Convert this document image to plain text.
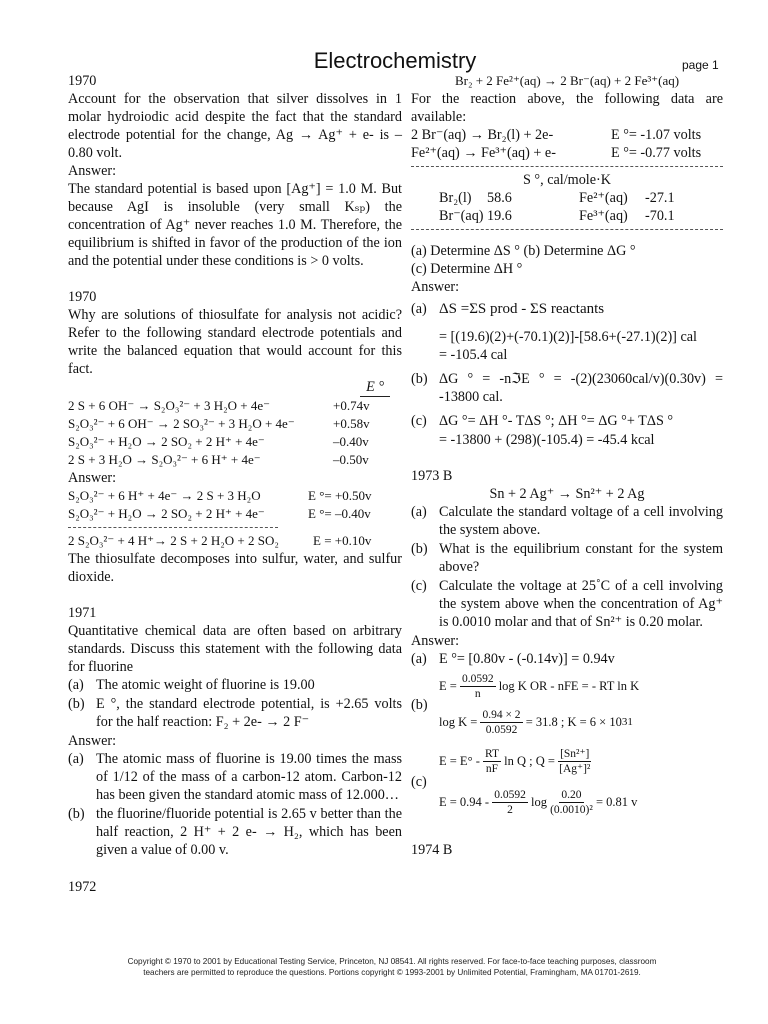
Electrochemistry	page 1
1970
Account for the observation that silver dissolves in 1 molar hydroiodic acid despite the fact that the standard electrode potential for the change, Ag → Ag⁺ + e- is – 0.80 volt.
Answer:
The standard potential is based upon [Ag⁺] = 1.0 M. But because AgI is insoluble (very small Kₛₚ) the concentration of Ag⁺ never reaches 1.0 M. Therefore, the equilibrium is shifted in favor of the production of the ion and the potential under these conditions is > 0 volts.
1970
Why are solutions of thiosulfate for analysis not acidic? Refer to the following standard electrode potentials and write the balanced equation that would account for this fact.
E °
2 S + 6 OH⁻ → S₂O₃²⁻ + 3 H₂O + 4e⁻	+0.74v
S₂O₃²⁻ + 6 OH⁻ → 2 SO₃²⁻ + 3 H₂O + 4e⁻	+0.58v
S₂O₃²⁻ + H₂O → 2 SO₂ + 2 H⁺ + 4e⁻	–0.40v
2 S + 3 H₂O → S₂O₃²⁻ + 6 H⁺ + 4e⁻	–0.50v
Answer:
S₂O₃²⁻ + 6 H⁺ + 4e⁻ → 2 S + 3 H₂O	E °= +0.50v
S₂O₃²⁻ + H₂O → 2 SO₂ + 2 H⁺ + 4e⁻	E °= –0.40v
2 S₂O₃²⁻ + 4 H⁺→ 2 S + 2 H₂O + 2 SO₂	E = +0.10v
The thiosulfate decomposes into sulfur, water, and sulfur dioxide.
1971
Quantitative chemical data are often based on arbitrary standards. Discuss this statement with the following data for fluorine
(a) The atomic weight of fluorine is 19.00
(b) E °, the standard electrode potential, is +2.65 volts for the half reaction: F₂ + 2e- → 2 F⁻
Answer:
(a) The atomic mass of fluorine is 19.00 times the mass of 1/12 of the mass of a carbon-12 atom. Carbon-12 has been given the standard atomic mass of 12.000…
(b) the fluorine/fluoride potential is 2.65 v better than the half reaction, 2 H⁺ + 2 e- → H₂, which has been given a value of 0.00 v.
1972
Br₂ + 2 Fe²⁺(aq) → 2 Br⁻(aq) + 2 Fe³⁺(aq)
For the reaction above, the following data are available:
2 Br⁻(aq) → Br₂(l) + 2e-	E °= -1.07 volts
Fe²⁺(aq) → Fe³⁺(aq) + e-	E °= -0.77 volts
S °, cal/mole·K
Br₂(l)	58.6	Fe²⁺(aq)	-27.1
Br⁻(aq) 19.6	Fe³⁺(aq)	-70.1
(a) Determine ΔS ° (b) Determine ΔG °
(c) Determine ΔH °
Answer:
(a) ΔS =ΣS prod - ΣS reactants
= [(19.6)(2)+(-70.1)(2)]-[58.6+(-27.1)(2)] cal
= -105.4 cal
(b) ΔG ° = -nℑE ° = -(2)(23060cal/v)(0.30v) = -13800 cal.
(c) ΔG °= ΔH °- TΔS °; ΔH °= ΔG °+ TΔS °
= -13800 + (298)(-105.4) = -45.4 kcal
1973 B
Sn + 2 Ag⁺ → Sn²⁺ + 2 Ag
(a) Calculate the standard voltage of a cell involving the system above.
(b) What is the equilibrium constant for the system above?
(c) Calculate the voltage at 25˚C of a cell involving the system above when the concentration of Ag⁺ is 0.0010 molar and that of Sn²⁺ is 0.20 molar.
Answer:
(a) E °= [0.80v - (-0.14v)] = 0.94v
(b)
E =
$\frac{0.0592}{n}$
log K OR - nFE = - RT ln K
log K =
$\frac{0.94 \times 2}{0.0592}$
= 31.8 ; K = 6 × 10 31
(c)
E = E° -
$\frac{RT}{nF}$
ln Q ; Q =
$\frac{\text{[Sn²⁺]}}{\text{[Ag⁺]²}}$
E = 0.94 -
$\frac{0.0592}{2}$
log
$\frac{0.20}{\text{(0.0010)²}}$
= 0.81 v
1974 B
Copyright © 1970 to 2001 by Educational Testing Service, Princeton, NJ 08541. All rights reserved. For face-to-face teaching purposes, classroom
teachers are permitted to reproduce the questions. Portions copyright © 1993-2001 by Unlimited Potential, Framingham, MA 01701-2619.
